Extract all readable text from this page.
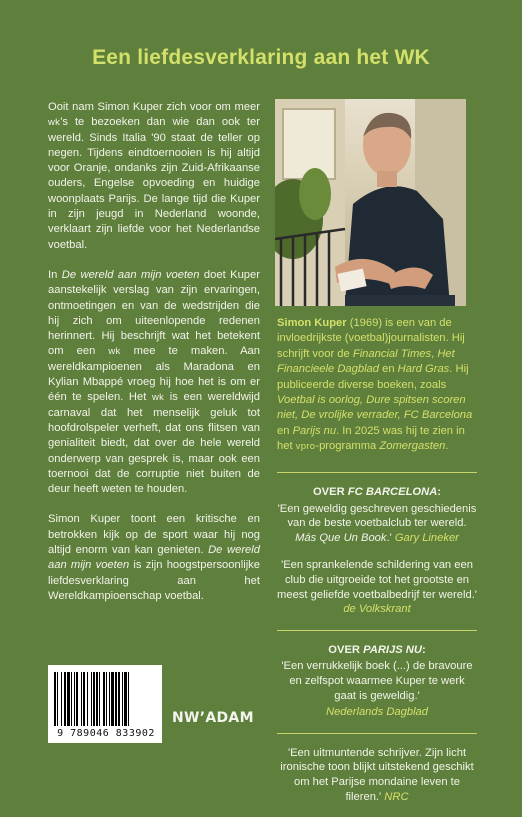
Een liefdesverklaring aan het WK

Ooit nam Simon Kuper zich voor om meer wk's te bezoeken dan wie dan ook ter wereld. Sinds Italia '90 staat de teller op negen. Tijdens eindtoernooien is hij altijd voor Oranje, ondanks zijn Zuid-Afrikaanse ouders, Engelse opvoeding en huidige woonplaats Parijs. De lange tijd die Kuper in zijn jeugd in Nederland woonde, verklaart zijn liefde voor het Nederlandse voetbal.

In De wereld aan mijn voeten doet Kuper aanstekelijk verslag van zijn ervaringen, ontmoetingen en van de wedstrijden die hij zich om uiteenlopende redenen herinnert. Hij beschrijft wat het betekent om een wk mee te maken. Aan wereldkampioenen als Maradona en Kylian Mbappé vroeg hij hoe het is om er één te spelen. Het wk is een wereldwijd carnaval dat het menselijk geluk tot hoofdrolspeler verheft, dat ons flitsen van genialiteit biedt, dat over de hele wereld onderwerp van gesprek is, maar ook een toernooi dat de corruptie niet buiten de deur heeft weten te houden.

Simon Kuper toont een kritische en betrokken kijk op de sport waar hij nog altijd enorm van kan genieten. De wereld aan mijn voeten is zijn hoogstpersoonlijke liefdesverklaring aan het Wereldkampioenschap voetbal.

Simon Kuper (1969) is een van de invloedrijkste (voetbal)journalisten. Hij schrijft voor de Financial Times, Het Financieele Dagblad en Hard Gras. Hij publiceerde diverse boeken, zoals Voetbal is oorlog, Dure spitsen scoren niet, De vrolijke verrader, FC Barcelona en Parijs nu. In 2025 was hij te zien in het vpro-programma Zomergasten.
OVER FC BARCELONA:
'Een geweldig geschreven geschiedenis van de beste voetbalclub ter wereld. Más Que Un Book.' Gary Lineker
'Een sprankelende schildering van een club die uitgroeide tot het grootste en meest geliefde voetbalbedrijf ter wereld.' de Volkskrant
OVER PARIJS NU:
'Een verrukkelijk boek (...) de bravoure en zelfspot waarmee Kuper te werk gaat is geweldig.'
Nederlands Dagblad
'Een uitmuntende schrijver. Zijn licht ironische toon blijkt uitstekend geschikt om het Parijse mondaine leven te fileren.' NRC
9 789046 833902
NW’ADAM
